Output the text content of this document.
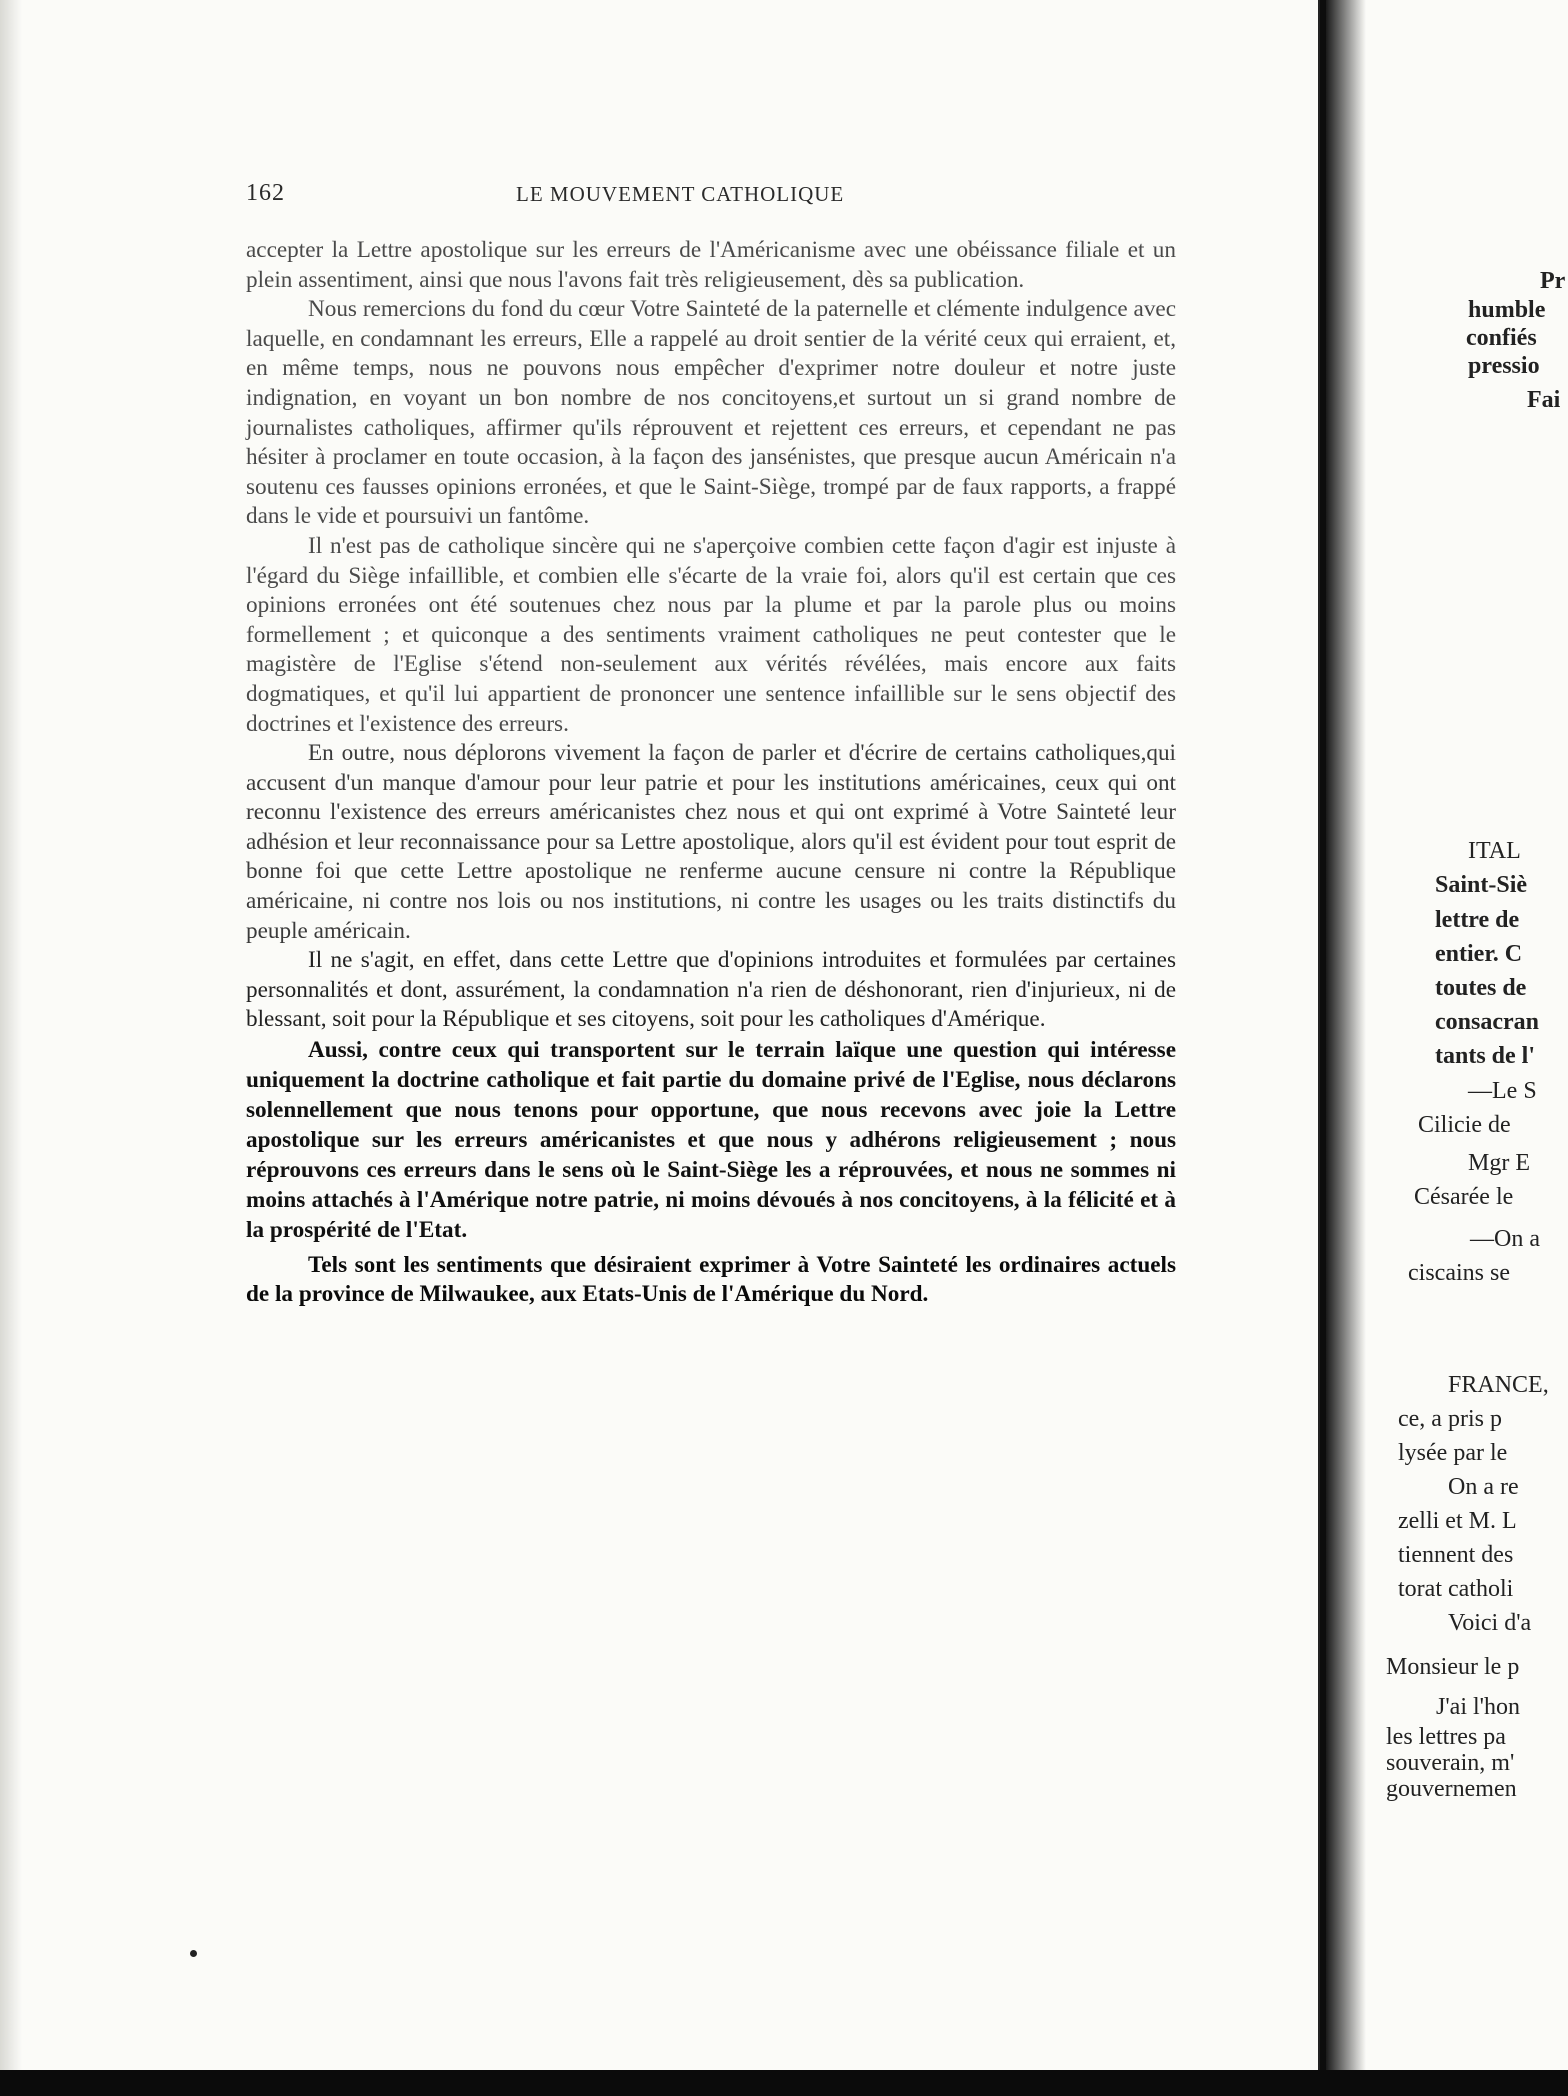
162	LE MOUVEMENT CATHOLIQUE

accepter la Lettre apostolique sur les erreurs de l'Américanisme avec une obéissance filiale et un plein assentiment, ainsi que nous l'avons fait très religieusement, dès sa publication.

Nous remercions du fond du cœur Votre Sainteté de la paternelle et clémente indulgence avec laquelle, en condamnant les erreurs, Elle a rappelé au droit sentier de la vérité ceux qui erraient, et, en même temps, nous ne pouvons nous empêcher d'exprimer notre douleur et notre juste indignation, en voyant un bon nombre de nos concitoyens,et surtout un si grand nombre de journalistes catholiques, affirmer qu'ils réprouvent et rejettent ces erreurs, et cependant ne pas hésiter à proclamer en toute occasion, à la façon des jansénistes, que presque aucun Américain n'a soutenu ces fausses opinions erronées, et que le Saint-Siège, trompé par de faux rapports, a frappé dans le vide et poursuivi un fantôme.

Il n'est pas de catholique sincère qui ne s'aperçoive combien cette façon d'agir est injuste à l'égard du Siège infaillible, et combien elle s'écarte de la vraie foi, alors qu'il est certain que ces opinions erronées ont été soutenues chez nous par la plume et par la parole plus ou moins formellement ; et quiconque a des sentiments vraiment catholiques ne peut contester que le magistère de l'Eglise s'étend non-seulement aux vérités révélées, mais encore aux faits dogmatiques, et qu'il lui appartient de prononcer une sentence infaillible sur le sens objectif des doctrines et l'existence des erreurs.

En outre, nous déplorons vivement la façon de parler et d'écrire de certains catholiques,qui accusent d'un manque d'amour pour leur patrie et pour les institutions américaines, ceux qui ont reconnu l'existence des erreurs américanistes chez nous et qui ont exprimé à Votre Sainteté leur adhésion et leur reconnaissance pour sa Lettre apostolique, alors qu'il est évident pour tout esprit de bonne foi que cette Lettre apostolique ne renferme aucune censure ni contre la République américaine, ni contre nos lois ou nos institutions, ni contre les usages ou les traits distinctifs du peuple américain.

Il ne s'agit, en effet, dans cette Lettre que d'opinions introduites et formulées par certaines personnalités et dont, assurément, la condamnation n'a rien de déshonorant, rien d'injurieux, ni de blessant, soit pour la République et ses citoyens, soit pour les catholiques d'Amérique.

Aussi, contre ceux qui transportent sur le terrain laïque une question qui intéresse uniquement la doctrine catholique et fait partie du domaine privé de l'Eglise, nous déclarons solennellement que nous tenons pour opportune, que nous recevons avec joie la Lettre apostolique sur les erreurs américanistes et que nous y adhérons religieusement ; nous réprouvons ces erreurs dans le sens où le Saint-Siège les a réprouvées, et nous ne sommes ni moins attachés à l'Amérique notre patrie, ni moins dévoués à nos concitoyens, à la félicité et à la prospérité de l'Etat.

Tels sont les sentiments que désiraient exprimer à Votre Sainteté les ordinaires actuels de la province de Milwaukee, aux Etats-Unis de l'Amérique du Nord.

Pr
humble
confiés
pressio
Fai
ITAL
Saint-Siè
lettre de
entier. C
toutes de
consacran
tants de l'
—Le S
Cilicie de
Mgr E
Césarée le
—On a
ciscains se
FRANCE,
ce, a pris p
lysée par le
On a re
zelli et M. L
tiennent des
torat catholi
Voici d'a
Monsieur le p
J'ai l'hon
les lettres pa
souverain, m'
gouvernemen
